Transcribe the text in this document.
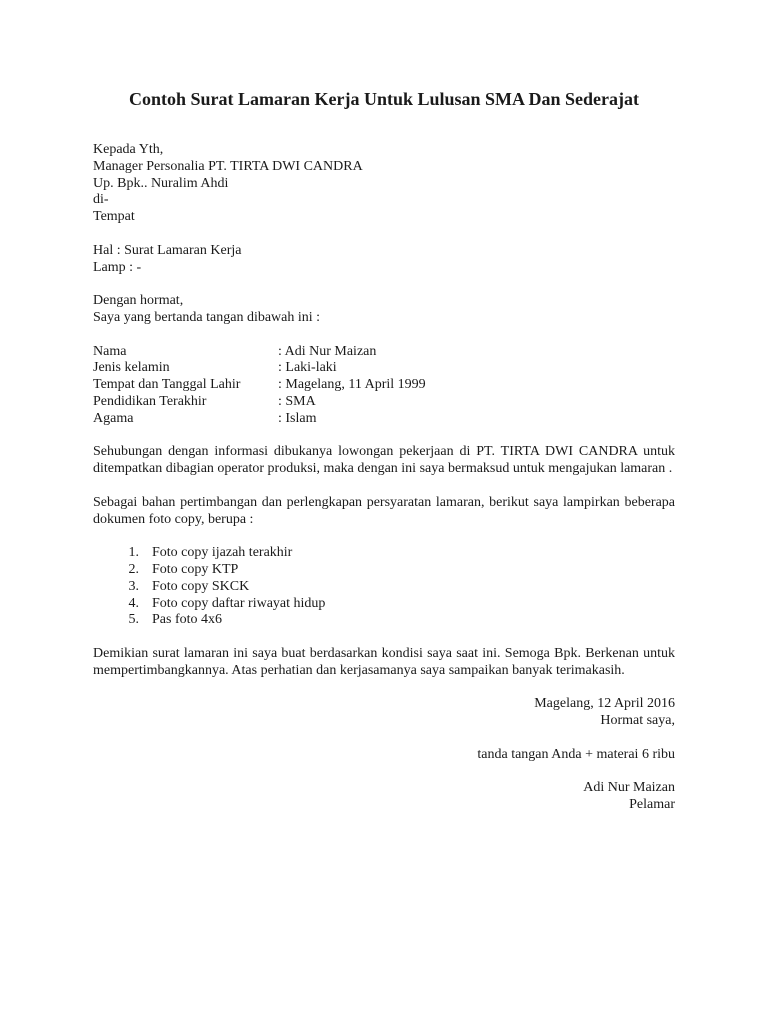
Contoh Surat Lamaran Kerja Untuk Lulusan SMA Dan Sederajat
Kepada Yth,
Manager Personalia PT. TIRTA DWI CANDRA
Up. Bpk.. Nuralim Ahdi
di-
Tempat
Hal : Surat Lamaran Kerja
Lamp : -
Dengan hormat,
Saya yang bertanda tangan dibawah ini :
Nama	: Adi Nur Maizan
Jenis kelamin	: Laki-laki
Tempat dan Tanggal Lahir	: Magelang, 11 April 1999
Pendidikan Terakhir	: SMA
Agama	: Islam
Sehubungan dengan informasi dibukanya lowongan pekerjaan di PT. TIRTA DWI CANDRA untuk ditempatkan dibagian operator produksi, maka dengan ini saya bermaksud untuk mengajukan lamaran .
Sebagai bahan pertimbangan dan perlengkapan persyaratan lamaran, berikut saya lampirkan beberapa dokumen foto copy, berupa :
1. Foto copy ijazah terakhir
2. Foto copy KTP
3. Foto copy SKCK
4. Foto copy daftar riwayat hidup
5. Pas foto 4x6
Demikian surat lamaran ini saya buat berdasarkan kondisi saya saat ini. Semoga Bpk. Berkenan untuk mempertimbangkannya. Atas perhatian dan kerjasamanya saya sampaikan banyak terimakasih.
Magelang, 12 April 2016
Hormat saya,
tanda tangan Anda + materai 6 ribu
Adi Nur Maizan
Pelamar
